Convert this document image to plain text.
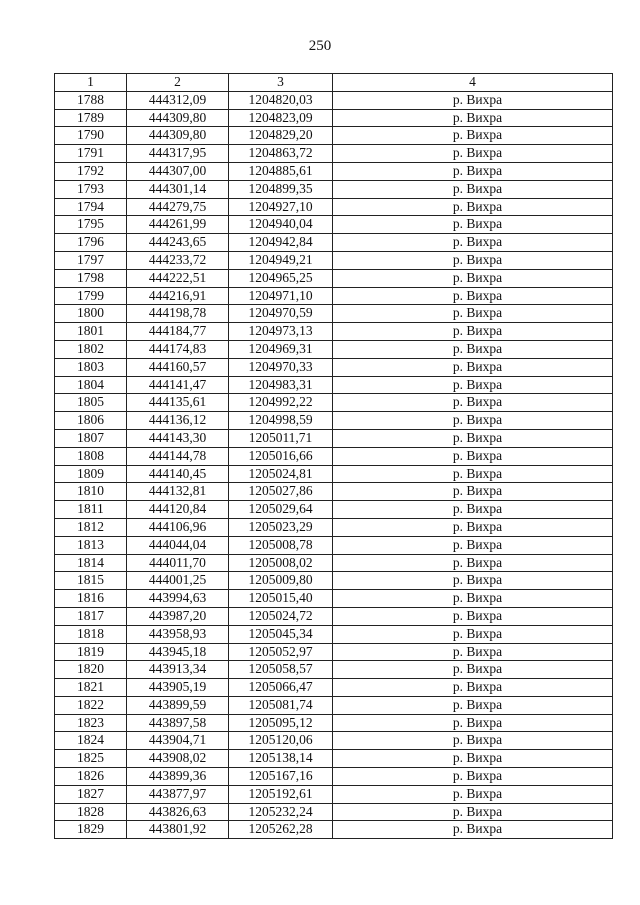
250
1	2	3	4
1788	444312,09	1204820,03	р. Вихра
1789	444309,80	1204823,09	р. Вихра
1790	444309,80	1204829,20	р. Вихра
1791	444317,95	1204863,72	р. Вихра
1792	444307,00	1204885,61	р. Вихра
1793	444301,14	1204899,35	р. Вихра
1794	444279,75	1204927,10	р. Вихра
1795	444261,99	1204940,04	р. Вихра
1796	444243,65	1204942,84	р. Вихра
1797	444233,72	1204949,21	р. Вихра
1798	444222,51	1204965,25	р. Вихра
1799	444216,91	1204971,10	р. Вихра
1800	444198,78	1204970,59	р. Вихра
1801	444184,77	1204973,13	р. Вихра
1802	444174,83	1204969,31	р. Вихра
1803	444160,57	1204970,33	р. Вихра
1804	444141,47	1204983,31	р. Вихра
1805	444135,61	1204992,22	р. Вихра
1806	444136,12	1204998,59	р. Вихра
1807	444143,30	1205011,71	р. Вихра
1808	444144,78	1205016,66	р. Вихра
1809	444140,45	1205024,81	р. Вихра
1810	444132,81	1205027,86	р. Вихра
1811	444120,84	1205029,64	р. Вихра
1812	444106,96	1205023,29	р. Вихра
1813	444044,04	1205008,78	р. Вихра
1814	444011,70	1205008,02	р. Вихра
1815	444001,25	1205009,80	р. Вихра
1816	443994,63	1205015,40	р. Вихра
1817	443987,20	1205024,72	р. Вихра
1818	443958,93	1205045,34	р. Вихра
1819	443945,18	1205052,97	р. Вихра
1820	443913,34	1205058,57	р. Вихра
1821	443905,19	1205066,47	р. Вихра
1822	443899,59	1205081,74	р. Вихра
1823	443897,58	1205095,12	р. Вихра
1824	443904,71	1205120,06	р. Вихра
1825	443908,02	1205138,14	р. Вихра
1826	443899,36	1205167,16	р. Вихра
1827	443877,97	1205192,61	р. Вихра
1828	443826,63	1205232,24	р. Вихра
1829	443801,92	1205262,28	р. Вихра
